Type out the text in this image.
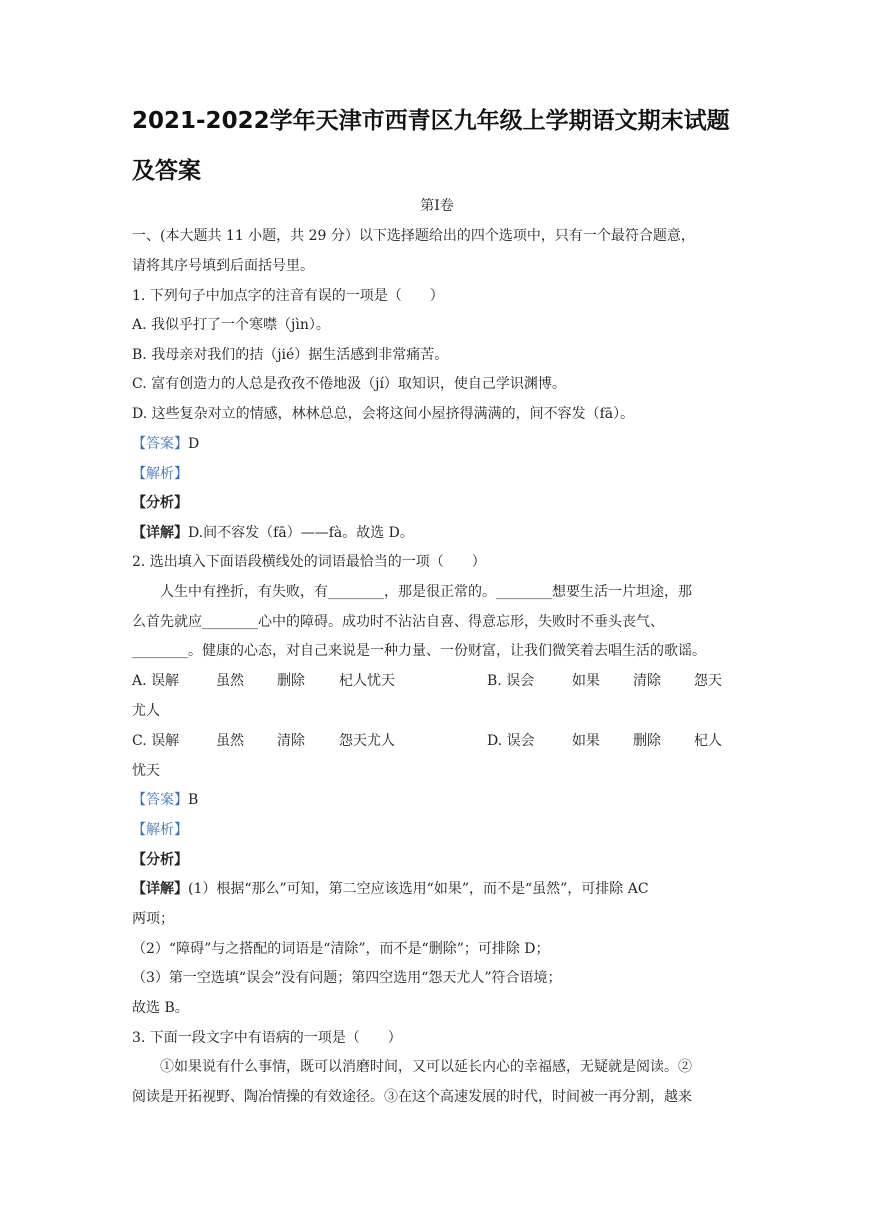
2021-2022学年天津市西青区九年级上学期语文期末试题及答案
第Ⅰ卷
一、(本大题共 11 小题，共 29 分）以下选择题给出的四个选项中，只有一个最符合题意，
请将其序号填到后面括号里。
1. 下列句子中加点字的注音有误的一项是（　　）
A. 我似乎打了一个寒噤（jìn）。
B. 我母亲对我们的拮（jié）据生活感到非常痛苦。
C. 富有创造力的人总是孜孜不倦地汲（jí）取知识，使自己学识渊博。
D. 这些复杂对立的情感，林林总总，会将这间小屋挤得满满的，间不容发（fā）。
【答案】D
【解析】
【分析】
【详解】D.间不容发（fā）——fà。故选 D。
2. 选出填入下面语段横线处的词语最恰当的一项（　　）
人生中有挫折，有失败，有________，那是很正常的。________想要生活一片坦途，那
么首先就应________心中的障碍。成功时不沾沾自喜、得意忘形，失败时不垂头丧气、
________。健康的心态，对自己来说是一种力量、一份财富，让我们微笑着去唱生活的歌谣。
A. 误解	虽然 删除 杞人忧天	B. 误会	如果 清除 怨天
尤人
C. 误解	虽然 清除 怨天尤人	D. 误会	如果 删除 杞人
忧天
【答案】B
【解析】
【分析】
【详解】(1）根据“那么”可知，第二空应该选用“如果”，而不是“虽然”，可排除 AC
两项；
（2）“障碍”与之搭配的词语是“清除”，而不是“删除”；可排除 D；
（3）第一空选填“误会”没有问题；第四空选用“怨天尤人”符合语境；
故选 B。
3. 下面一段文字中有语病的一项是（　　）
①如果说有什么事情，既可以消磨时间，又可以延长内心的幸福感，无疑就是阅读。②
阅读是开拓视野、陶冶情操的有效途径。③在这个高速发展的时代，时间被一再分割，越来
